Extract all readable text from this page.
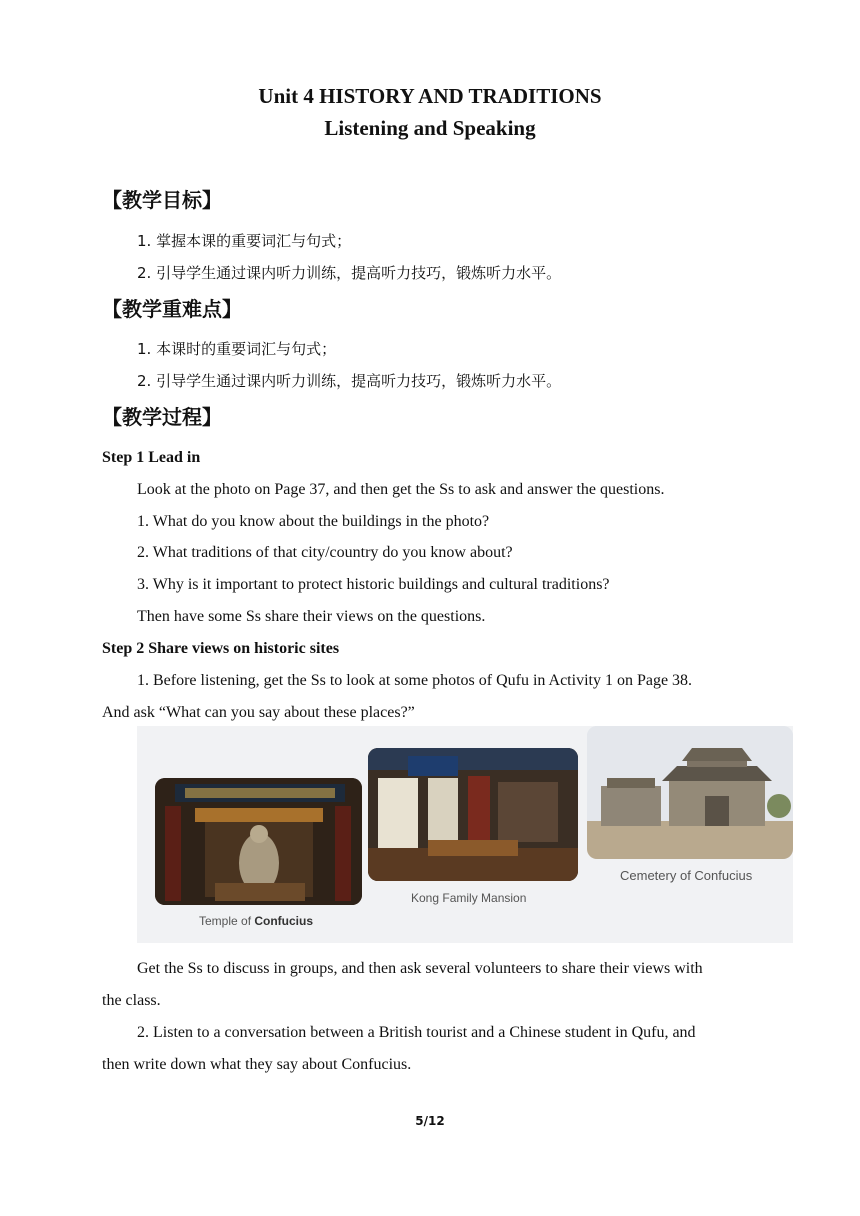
Unit 4 HISTORY AND TRADITIONS
Listening and Speaking
【教学目标】
1. 掌握本课的重要词汇与句式；
2. 引导学生通过课内听力训练，提高听力技巧，锻炼听力水平。
【教学重难点】
1. 本课时的重要词汇与句式；
2. 引导学生通过课内听力训练，提高听力技巧，锻炼听力水平。
【教学过程】
Step 1 Lead in
Look at the photo on Page 37, and then get the Ss to ask and answer the questions.
1. What do you know about the buildings in the photo?
2. What traditions of that city/country do you know about?
3. Why is it important to protect historic buildings and cultural traditions?
Then have some Ss share their views on the questions.
Step 2 Share views on historic sites
1. Before listening, get the Ss to look at some photos of Qufu in Activity 1 on Page 38.
And ask “What can you say about these places?”
Temple of Confucius
Kong Family Mansion
Cemetery of Confucius
Get the Ss to discuss in groups, and then ask several volunteers to share their views with
the class.
2. Listen to a conversation between a British tourist and a Chinese student in Qufu, and
then write down what they say about Confucius.
5/12
